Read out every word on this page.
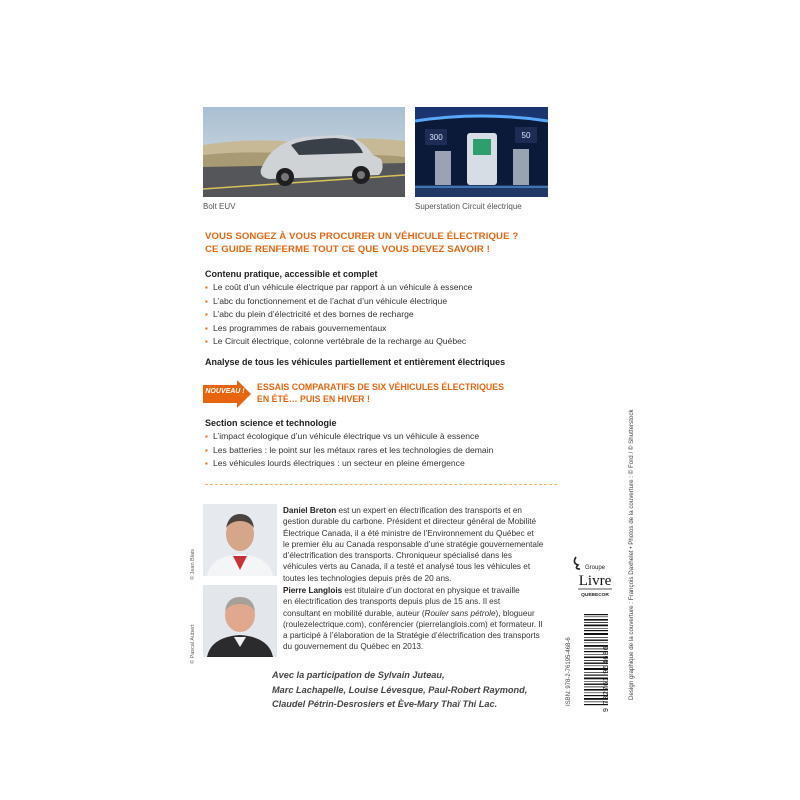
300	50
Bolt EUV	Superstation Circuit électrique
VOUS SONGEZ À VOUS PROCURER UN VÉHICULE ÉLECTRIQUE ?
CE GUIDE RENFERME TOUT CE QUE VOUS DEVEZ SAVOIR !
Contenu pratique, accessible et complet
▪ Le coût d’un véhicule électrique par rapport à un véhicule à essence
▪ L’abc du fonctionnement et de l’achat d’un véhicule électrique
▪ L’abc du plein d’électricité et des bornes de recharge
▪ Les programmes de rabais gouvernementaux
▪ Le Circuit électrique, colonne vertébrale de la recharge au Québec
Analyse de tous les véhicules partiellement et entièrement électriques
NOUVEAU ! ESSAIS COMPARATIFS DE SIX VÉHICULES ÉLECTRIQUES
EN ÉTÉ… PUIS EN HIVER !
Section science et technologie
▪ L’impact écologique d’un véhicule électrique vs un véhicule à essence
▪ Les batteries : le point sur les métaux rares et les technologies de demain
▪ Les véhicules lourds électriques : un secteur en pleine émergence
© Jean Blais
Daniel Breton est un expert en électrification des transports et en
gestion durable du carbone. Président et directeur général de Mobilité
Électrique Canada, il a été ministre de l’Environnement du Québec et
le premier élu au Canada responsable d’une stratégie gouvernementale
d’électrification des transports. Chroniqueur spécialisé dans les
véhicules verts au Canada, il a testé et analysé tous les véhicules et
toutes les technologies depuis près de 20 ans.
© Pascal Aubert
Pierre Langlois est titulaire d’un doctorat en physique et travaille
en électrification des transports depuis plus de 15 ans. Il est
consultant en mobilité durable, auteur (Rouler sans pétrole), blogueur
(roulezelectrique.com), conférencier (pierrelanglois.com) et formateur. Il
a participé à l’élaboration de la Stratégie d’électrification des transports
du gouvernement du Québec en 2013.
Avec la participation de Sylvain Juteau,
Marc Lachapelle, Louise Lévesque, Paul-Robert Raymond,
Claudel Pétrin-Desrosiers et Ève-Mary Thaï Thi Lac.
Groupe
Livre
QUEBECOR
9 782761 954686
ISBN: 978-2-76195-468-6	Design graphique de la couverture : François Daxhelet • Photos de la couverture : © Ford / © Shutterstock
